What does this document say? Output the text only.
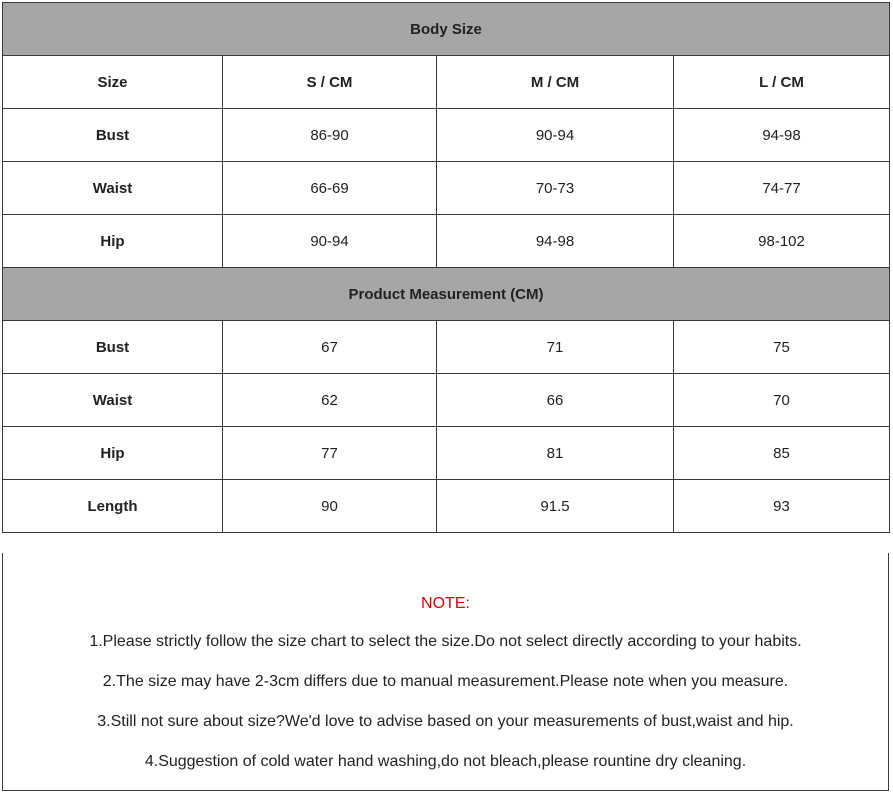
Body Size			
Size	S / CM	M / CM	L / CM
Bust	86-90	90-94	94-98
Waist	66-69	70-73	74-77
Hip	90-94	94-98	98-102
Product Measurement (CM)			
Bust	67	71	75
Waist	62	66	70
Hip	77	81	85
Length	90	91.5	93
NOTE:
1.Please strictly follow the size chart to select the size.Do not select directly according to your habits.
2.The size may have 2-3cm differs due to manual measurement.Please note when you measure.
3.Still not sure about size?We'd love to advise based on your measurements of bust,waist and hip.
4.Suggestion of cold water hand washing,do not bleach,please rountine dry cleaning.
